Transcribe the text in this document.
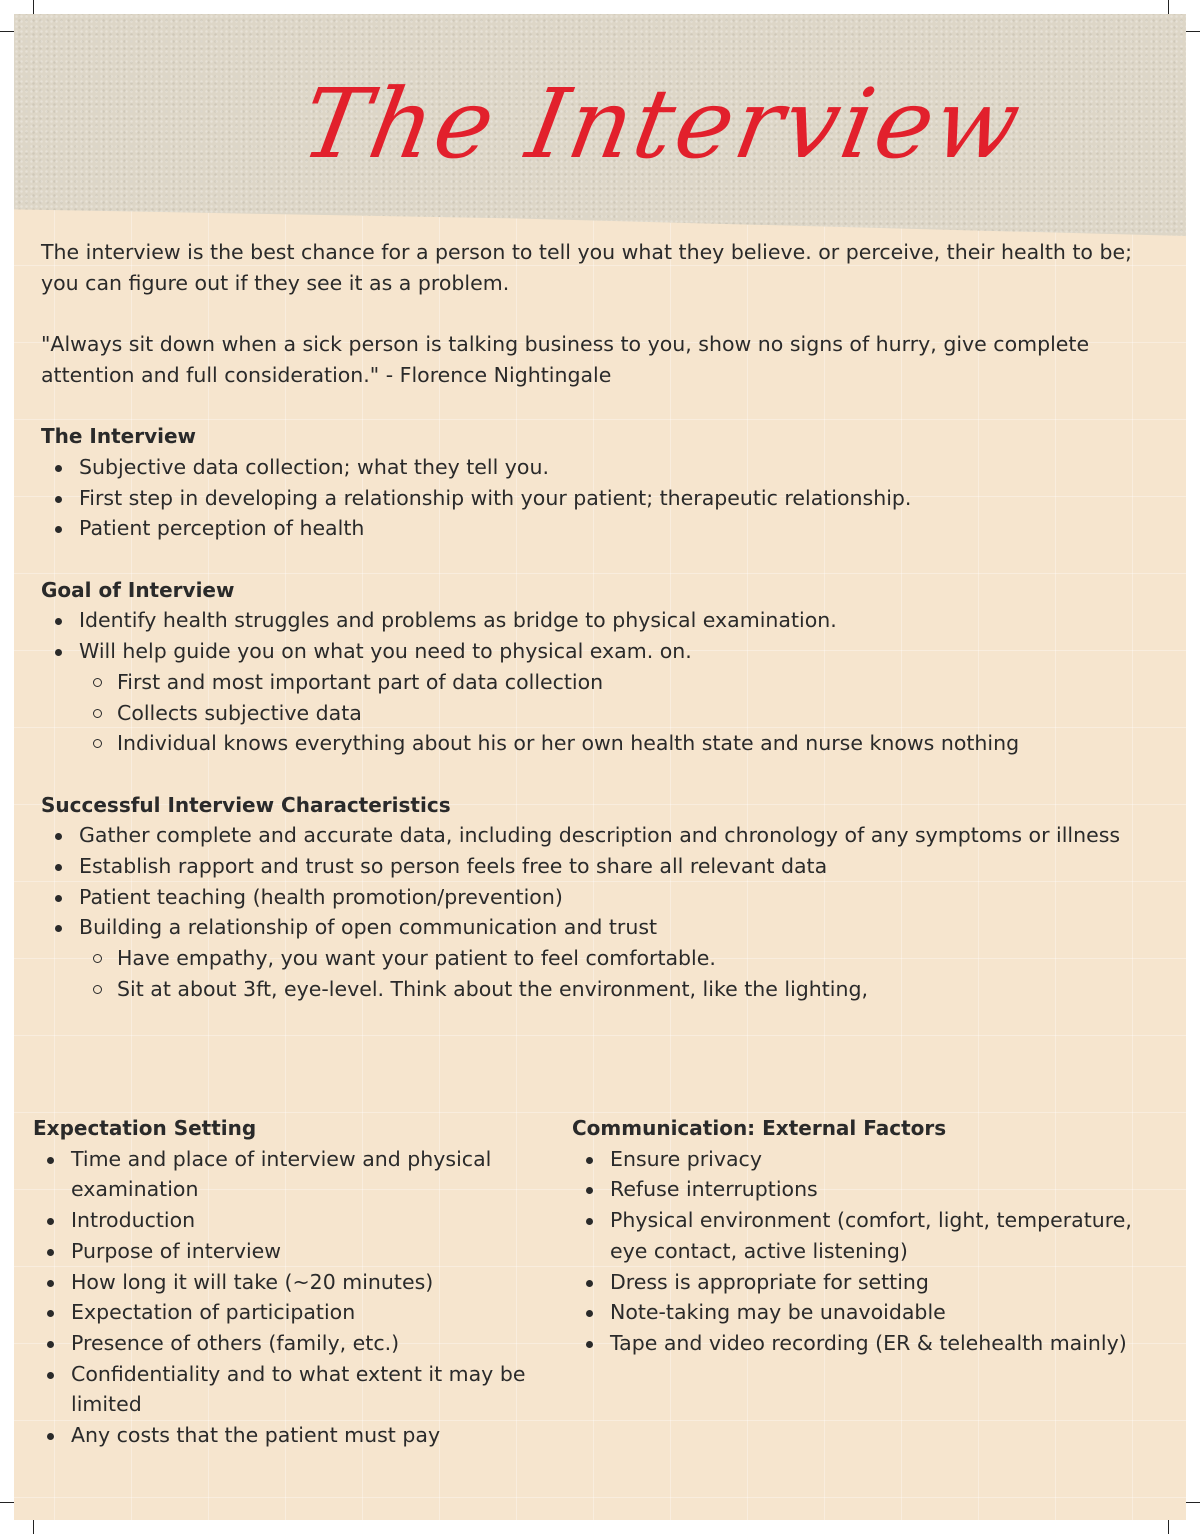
The Interview

The interview is the best chance for a person to tell you what they believe. or perceive, their health to be; you can figure out if they see it as a problem.

"Always sit down when a sick person is talking business to you, show no signs of hurry, give complete attention and full consideration." - Florence Nightingale

The Interview

Subjective data collection; what they tell you.
First step in developing a relationship with your patient; therapeutic relationship.
Patient perception of health

Goal of Interview

Identify health struggles and problems as bridge to physical examination.
Will help guide you on what you need to physical exam. on.
First and most important part of data collection
Collects subjective data
Individual knows everything about his or her own health state and nurse knows nothing

Successful Interview Characteristics

Gather complete and accurate data, including description and chronology of any symptoms or illness
Establish rapport and trust so person feels free to share all relevant data
Patient teaching (health promotion/prevention)
Building a relationship of open communication and trust
Have empathy, you want your patient to feel comfortable.
Sit at about 3ft, eye-level. Think about the environment, like the lighting,

Expectation Setting

Time and place of interview and physical examination
Introduction
Purpose of interview
How long it will take (~20 minutes)
Expectation of participation
Presence of others (family, etc.)
Confidentiality and to what extent it may be limited
Any costs that the patient must pay

Communication: External Factors

Ensure privacy
Refuse interruptions
Physical environment (comfort, light, temperature, eye contact, active listening)
Dress is appropriate for setting
Note-taking may be unavoidable
Tape and video recording (ER & telehealth mainly)
